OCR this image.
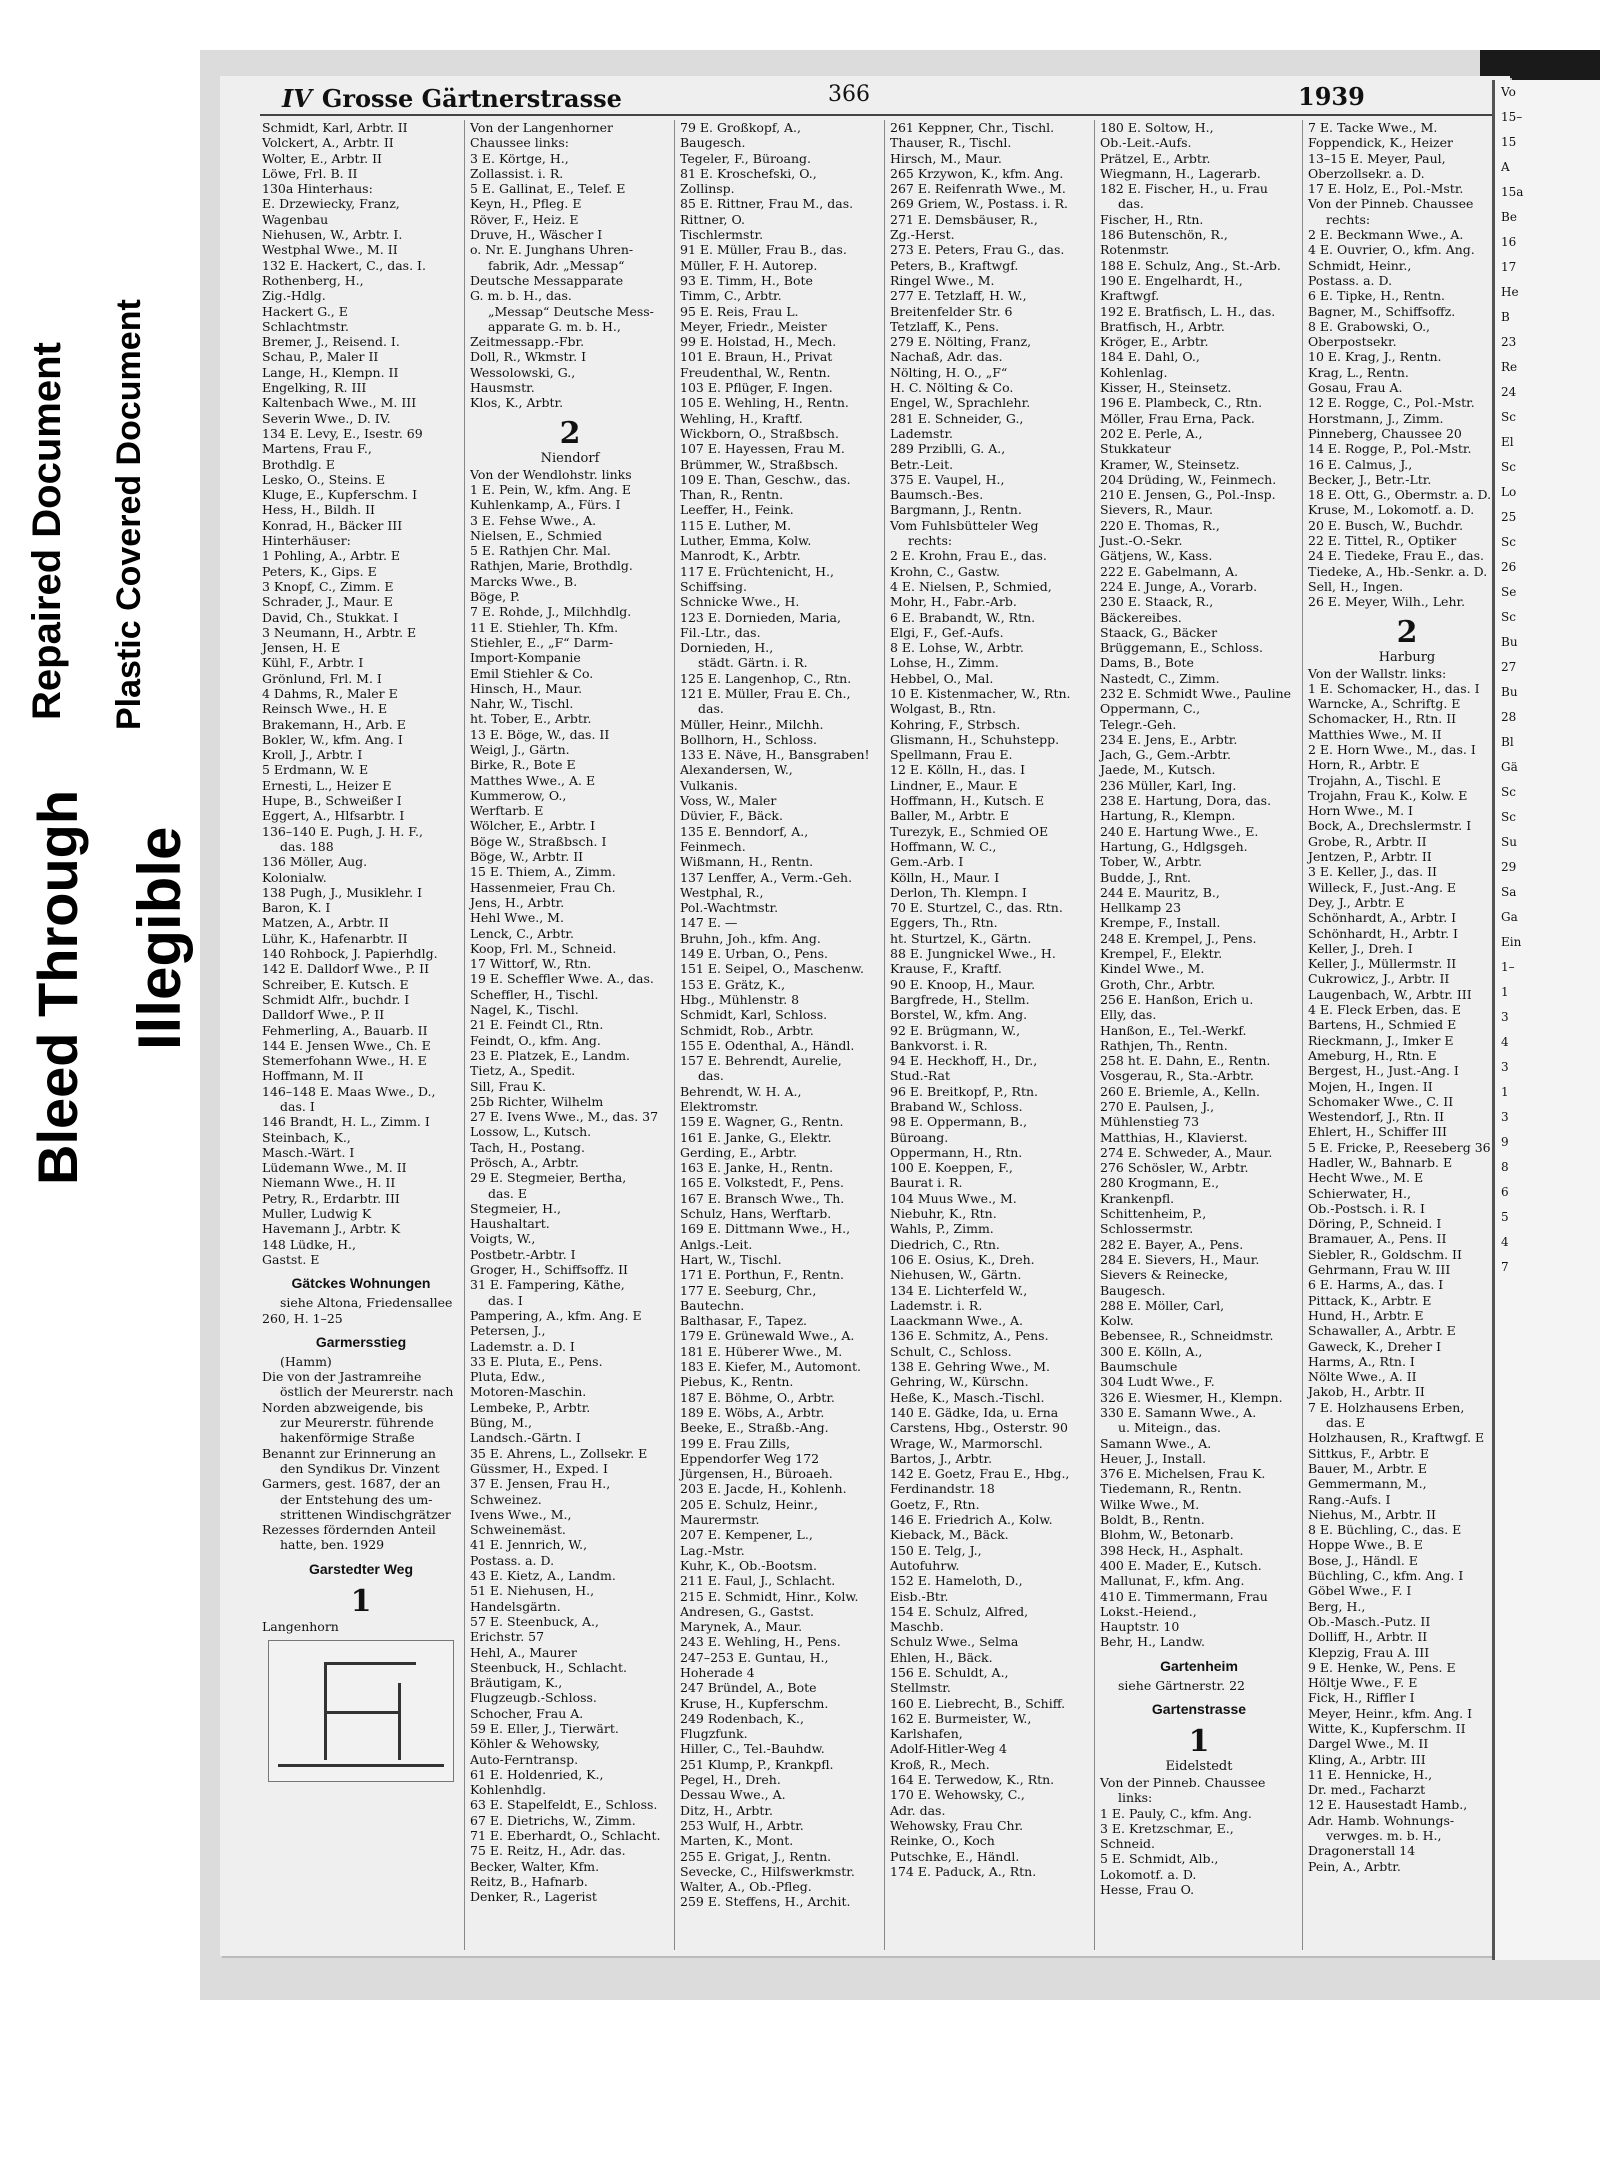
Repaired Document
Bleed Through
Plastic Covered Document
Illegible
IV Grosse Gärtnerstrasse	366	1939
Schmidt, Karl, Arbtr. II
Volckert, A., Arbtr. II
Wolter, E., Arbtr. II
Löwe, Frl. B. II
130a Hinterhaus:
E. Drzewiecky, Franz,
Wagenbau
Niehusen, W., Arbtr. I.
Westphal Wwe., M. II
132 E. Hackert, C., das. I.
Rothenberg, H.,
Zig.-Hdlg.
Hackert G., E
Schlachtmstr.
Bremer, J., Reisend. I.
Schau, P., Maler II
Lange, H., Klempn. II
Engelking, R. III
Kaltenbach Wwe., M. III
Severin Wwe., D. IV.
134 E. Levy, E., Isestr. 69
Martens, Frau F.,
Brothdlg. E
Lesko, O., Steins. E
Kluge, E., Kupferschm. I
Hess, H., Bildh. II
Konrad, H., Bäcker III
Hinterhäuser:
1 Pohling, A., Arbtr. E
Peters, K., Gips. E
3 Knopf, C., Zimm. E
Schrader, J., Maur. E
David, Ch., Stukkat. I
3 Neumann, H., Arbtr. E
Jensen, H. E
Kühl, F., Arbtr. I
Grönlund, Frl. M. I
4 Dahms, R., Maler E
Reinsch Wwe., H. E
Brakemann, H., Arb. E
Bokler, W., kfm. Ang. I
Kroll, J., Arbtr. I
5 Erdmann, W. E
Ernesti, L., Heizer E
Hupe, B., Schweißer I
Eggert, A., Hlfsarbtr. I
136–140 E. Pugh, J. H. F.,
das. 188
136 Möller, Aug.
Kolonialw.
138 Pugh, J., Musiklehr. I
Baron, K. I
Matzen, A., Arbtr. II
Lühr, K., Hafenarbtr. II
140 Rohbock, J. Papierhdlg.
142 E. Dalldorf Wwe., P. II
Schreiber, E. Kutsch. E
Schmidt Alfr., buchdr. I
Dalldorf Wwe., P. II
Fehmerling, A., Bauarb. II
144 E. Jensen Wwe., Ch. E
Stemerfohann Wwe., H. E
Hoffmann, M. II
146–148 E. Maas Wwe., D.,
das. I
146 Brandt, H. L., Zimm. I
Steinbach, K.,
Masch.-Wärt. I
Lüdemann Wwe., M. II
Niemann Wwe., H. II
Petry, R., Erdarbtr. III
Muller, Ludwig K
Havemann J., Arbtr. K
148 Lüdke, H.,
Gastst. E
Gätckes Wohnungen
siehe Altona, Friedensallee
260, H. 1–25
Garmersstieg
(Hamm)
Die von der Jastramreihe
östlich der Meurerstr. nach
Norden abzweigende, bis
zur Meurerstr. führende
hakenförmige Straße
Benannt zur Erinnerung an
den Syndikus Dr. Vinzent
Garmers, gest. 1687, der an
der Entstehung des um-
strittenen Windischgrätzer
Rezesses fördernden Anteil
hatte, ben. 1929
Garstedter Weg
1
Langenhorn
Von der Langenhorner
Chaussee links:
3 E. Körtge, H.,
Zollassist. i. R.
5 E. Gallinat, E., Telef. E
Keyn, H., Pfleg. E
Röver, F., Heiz. E
Druve, H., Wäscher I
o. Nr. E. Junghans Uhren-
fabrik, Adr. „Messap“
Deutsche Messapparate
G. m. b. H., das.
„Messap“ Deutsche Mess-
apparate G. m. b. H.,
Zeitmessapp.-Fbr.
Doll, R., Wkmstr. I
Wessolowski, G.,
Hausmstr.
Klos, K., Arbtr.
2
Niendorf
Von der Wendlohstr. links
1 E. Pein, W., kfm. Ang. E
Kuhlenkamp, A., Fürs. I
3 E. Fehse Wwe., A.
Nielsen, E., Schmied
5 E. Rathjen Chr. Mal.
Rathjen, Marie, Brothdlg.
Marcks Wwe., B.
Böge, P.
7 E. Rohde, J., Milchhdlg.
11 E. Stiehler, Th. Kfm.
Stiehler, E., „F“ Darm-
Import-Kompanie
Emil Stiehler & Co.
Hinsch, H., Maur.
Nahr, W., Tischl.
ht. Tober, E., Arbtr.
13 E. Böge, W., das. II
Weigl, J., Gärtn.
Birke, R., Bote E
Matthes Wwe., A. E
Kummerow, O.,
Werftarb. E
Wölcher, E., Arbtr. I
Böge W., Straßbsch. I
Böge, W., Arbtr. II
15 E. Thiem, A., Zimm.
Hassenmeier, Frau Ch.
Jens, H., Arbtr.
Hehl Wwe., M.
Lenck, C., Arbtr.
Koop, Frl. M., Schneid.
17 Wittorf, W., Rtn.
19 E. Scheffler Wwe. A., das.
Scheffler, H., Tischl.
Nagel, K., Tischl.
21 E. Feindt Cl., Rtn.
Feindt, O., kfm. Ang.
23 E. Platzek, E., Landm.
Tietz, A., Spedit.
Sill, Frau K.
25b Richter, Wilhelm
27 E. Ivens Wwe., M., das. 37
Lossow, L., Kutsch.
Tach, H., Postang.
Prösch, A., Arbtr.
29 E. Stegmeier, Bertha,
das. E
Stegmeier, H.,
Haushaltart.
Voigts, W.,
Postbetr.-Arbtr. I
Groger, H., Schiffsoffz. II
31 E. Fampering, Käthe,
das. I
Pampering, A., kfm. Ang. E
Petersen, J.,
Lademstr. a. D. I
33 E. Pluta, E., Pens.
Pluta, Edw.,
Motoren-Maschin.
Lembeke, P., Arbtr.
Büng, M.,
Landsch.-Gärtn. I
35 E. Ahrens, L., Zollsekr. E
Güssmer, H., Exped. I
37 E. Jensen, Frau H.,
Schweinez.
Ivens Wwe., M.,
Schweinemäst.
41 E. Jennrich, W.,
Postass. a. D.
43 E. Kietz, A., Landm.
51 E. Niehusen, H.,
Handelsgärtn.
57 E. Steenbuck, A.,
Erichstr. 57
Hehl, A., Maurer
Steenbuck, H., Schlacht.
Bräutigam, K.,
Flugzeugb.-Schloss.
Schocher, Frau A.
59 E. Eller, J., Tierwärt.
Köhler & Wehowsky,
Auto-Ferntransp.
61 E. Holdenried, K.,
Kohlenhdlg.
63 E. Stapelfeldt, E., Schloss.
67 E. Dietrichs, W., Zimm.
71 E. Eberhardt, O., Schlacht.
75 E. Reitz, H., Adr. das.
Becker, Walter, Kfm.
Reitz, B., Hafnarb.
Denker, R., Lagerist
79 E. Großkopf, A.,
Baugesch.
Tegeler, F., Büroang.
81 E. Kroschefski, O.,
Zollinsp.
85 E. Rittner, Frau M., das.
Rittner, O.
Tischlermstr.
91 E. Müller, Frau B., das.
Müller, F. H. Autorep.
93 E. Timm, H., Bote
Timm, C., Arbtr.
95 E. Reis, Frau L.
Meyer, Friedr., Meister
99 E. Holstad, H., Mech.
101 E. Braun, H., Privat
Freudenthal, W., Rentn.
103 E. Pflüger, F. Ingen.
105 E. Wehling, H., Rentn.
Wehling, H., Kraftf.
Wickborn, O., Straßbsch.
107 E. Hayessen, Frau M.
Brümmer, W., Straßbsch.
109 E. Than, Geschw., das.
Than, R., Rentn.
Leeffer, H., Feink.
115 E. Luther, M.
Luther, Emma, Kolw.
Manrodt, K., Arbtr.
117 E. Früchtenicht, H.,
Schiffsing.
Schnicke Wwe., H.
123 E. Dornieden, Maria,
Fil.-Ltr., das.
Dornieden, H.,
städt. Gärtn. i. R.
125 E. Langenhop, C., Rtn.
121 E. Müller, Frau E. Ch.,
das.
Müller, Heinr., Milchh.
Bollhorn, H., Schloss.
133 E. Näve, H., Bansgraben!
Alexandersen, W.,
Vulkanis.
Voss, W., Maler
Düvier, F., Bäck.
135 E. Benndorf, A.,
Feinmech.
Wißmann, H., Rentn.
137 Lenffer, A., Verm.-Geh.
Westphal, R.,
Pol.-Wachtmstr.
147 E. —
Bruhn, Joh., kfm. Ang.
149 E. Urban, O., Pens.
151 E. Seipel, O., Maschenw.
153 E. Grätz, K.,
Hbg., Mühlenstr. 8
Schmidt, Karl, Schloss.
Schmidt, Rob., Arbtr.
155 E. Odenthal, A., Händl.
157 E. Behrendt, Aurelie,
das.
Behrendt, W. H. A.,
Elektromstr.
159 E. Wagner, G., Rentn.
161 E. Janke, G., Elektr.
Gerding, E., Arbtr.
163 E. Janke, H., Rentn.
165 E. Volkstedt, F., Pens.
167 E. Bransch Wwe., Th.
Schulz, Hans, Werftarb.
169 E. Dittmann Wwe., H.,
Anlgs.-Leit.
Hart, W., Tischl.
171 E. Porthun, F., Rentn.
177 E. Seeburg, Chr.,
Bautechn.
Balthasar, F., Tapez.
179 E. Grünewald Wwe., A.
181 E. Hüberer Wwe., M.
183 E. Kiefer, M., Automont.
Piebus, K., Rentn.
187 E. Böhme, O., Arbtr.
189 E. Wöbs, A., Arbtr.
Beeke, E., Straßb.-Ang.
199 E. Frau Zills,
Eppendorfer Weg 172
Jürgensen, H., Büroaeh.
203 E. Jacde, H., Kohlenh.
205 E. Schulz, Heinr.,
Maurermstr.
207 E. Kempener, L.,
Lag.-Mstr.
Kuhr, K., Ob.-Bootsm.
211 E. Faul, J., Schlacht.
215 E. Schmidt, Hinr., Kolw.
Andresen, G., Gastst.
Marynek, A., Maur.
243 E. Wehling, H., Pens.
247–253 E. Guntau, H.,
Hoherade 4
247 Bründel, A., Bote
Kruse, H., Kupferschm.
249 Rodenbach, K.,
Flugzfunk.
Hiller, C., Tel.-Bauhdw.
251 Klump, P., Krankpfl.
Pegel, H., Dreh.
Dessau Wwe., A.
Ditz, H., Arbtr.
253 Wulf, H., Arbtr.
Marten, K., Mont.
255 E. Grigat, J., Rentn.
Sevecke, C., Hilfswerkmstr.
Walter, A., Ob.-Pfleg.
259 E. Steffens, H., Archit.
261 Keppner, Chr., Tischl.
Thauser, R., Tischl.
Hirsch, M., Maur.
265 Krzywon, K., kfm. Ang.
267 E. Reifenrath Wwe., M.
269 Griem, W., Postass. i. R.
271 E. Demsbäuser, R.,
Zg.-Herst.
273 E. Peters, Frau G., das.
Peters, B., Kraftwgf.
Ringel Wwe., M.
277 E. Tetzlaff, H. W.,
Breitenfelder Str. 6
Tetzlaff, K., Pens.
279 E. Nölting, Franz,
Nachaß, Adr. das.
Nölting, H. O., „F“
H. C. Nölting & Co.
Engel, W., Sprachlehr.
281 E. Schneider, G.,
Lademstr.
289 Prziblli, G. A.,
Betr.-Leit.
375 E. Vaupel, H.,
Baumsch.-Bes.
Bargmann, J., Rentn.
Vom Fuhlsbütteler Weg
rechts:
2 E. Krohn, Frau E., das.
Krohn, C., Gastw.
4 E. Nielsen, P., Schmied,
Mohr, H., Fabr.-Arb.
6 E. Brabandt, W., Rtn.
Elgi, F., Gef.-Aufs.
8 E. Lohse, W., Arbtr.
Lohse, H., Zimm.
Hebbel, O., Mal.
10 E. Kistenmacher, W., Rtn.
Wolgast, B., Rtn.
Kohring, F., Strbsch.
Glismann, H., Schuhstepp.
Spellmann, Frau E.
12 E. Kölln, H., das. I
Lindner, E., Maur. E
Hoffmann, H., Kutsch. E
Baller, M., Arbtr. E
Turezyk, E., Schmied OE
Hoffmann, W. C.,
Gem.-Arb. I
Kölln, H., Maur. I
Derlon, Th. Klempn. I
70 E. Sturtzel, C., das. Rtn.
Eggers, Th., Rtn.
ht. Sturtzel, K., Gärtn.
88 E. Jungnickel Wwe., H.
Krause, F., Kraftf.
90 E. Knoop, H., Maur.
Bargfrede, H., Stellm.
Borstel, W., kfm. Ang.
92 E. Brügmann, W.,
Bankvorst. i. R.
94 E. Heckhoff, H., Dr.,
Stud.-Rat
96 E. Breitkopf, P., Rtn.
Braband W., Schloss.
98 E. Oppermann, B.,
Büroang.
Oppermann, H., Rtn.
100 E. Koeppen, F.,
Baurat i. R.
104 Muus Wwe., M.
Niebuhr, K., Rtn.
Wahls, P., Zimm.
Diedrich, C., Rtn.
106 E. Osius, K., Dreh.
Niehusen, W., Gärtn.
134 E. Lichterfeld W.,
Lademstr. i. R.
Laackmann Wwe., A.
136 E. Schmitz, A., Pens.
Schult, C., Schloss.
138 E. Gehring Wwe., M.
Gehring, W., Kürschn.
Heße, K., Masch.-Tischl.
140 E. Gädke, Ida, u. Erna
Carstens, Hbg., Osterstr. 90
Wrage, W., Marmorschl.
Bartos, J., Arbtr.
142 E. Goetz, Frau E., Hbg.,
Ferdinandstr. 18
Goetz, F., Rtn.
146 E. Friedrich A., Kolw.
Kieback, M., Bäck.
150 E. Telg, J.,
Autofuhrw.
152 E. Hameloth, D.,
Eisb.-Btr.
154 E. Schulz, Alfred,
Maschb.
Schulz Wwe., Selma
Ehlen, H., Bäck.
156 E. Schuldt, A.,
Stellmstr.
160 E. Liebrecht, B., Schiff.
162 E. Burmeister, W.,
Karlshafen,
Adolf-Hitler-Weg 4
Kroß, R., Mech.
164 E. Terwedow, K., Rtn.
170 E. Wehowsky, C.,
Adr. das.
Wehowsky, Frau Chr.
Reinke, O., Koch
Putschke, E., Händl.
174 E. Paduck, A., Rtn.
180 E. Soltow, H.,
Ob.-Leit.-Aufs.
Prätzel, E., Arbtr.
Wiegmann, H., Lagerarb.
182 E. Fischer, H., u. Frau
das.
Fischer, H., Rtn.
186 Butenschön, R.,
Rotenmstr.
188 E. Schulz, Ang., St.-Arb.
190 E. Engelhardt, H.,
Kraftwgf.
192 E. Bratfisch, L. H., das.
Bratfisch, H., Arbtr.
Kröger, E., Arbtr.
184 E. Dahl, O.,
Kohlenlag.
Kisser, H., Steinsetz.
196 E. Plambeck, C., Rtn.
Möller, Frau Erna, Pack.
202 E. Perle, A.,
Stukkateur
Kramer, W., Steinsetz.
204 Drüding, W., Feinmech.
210 E. Jensen, G., Pol.-Insp.
Sievers, R., Maur.
220 E. Thomas, R.,
Just.-O.-Sekr.
Gätjens, W., Kass.
222 E. Gabelmann, A.
224 E. Junge, A., Vorarb.
230 E. Staack, R.,
Bäckereibes.
Staack, G., Bäcker
Brüggemann, E., Schloss.
Dams, B., Bote
Nastedt, C., Zimm.
232 E. Schmidt Wwe., Pauline
Oppermann, C.,
Telegr.-Geh.
234 E. Jens, E., Arbtr.
Jach, G., Gem.-Arbtr.
Jaede, M., Kutsch.
236 Müller, Karl, Ing.
238 E. Hartung, Dora, das.
Hartung, R., Klempn.
240 E. Hartung Wwe., E.
Hartung, G., Hdlgsgeh.
Tober, W., Arbtr.
Budde, J., Rnt.
244 E. Mauritz, B.,
Hellkamp 23
Krempe, F., Install.
248 E. Krempel, J., Pens.
Krempel, F., Elektr.
Kindel Wwe., M.
Groth, Chr., Arbtr.
256 E. Hanßon, Erich u.
Elly, das.
Hanßon, E., Tel.-Werkf.
Rathjen, Th., Rentn.
258 ht. E. Dahn, E., Rentn.
Vosgerau, R., Sta.-Arbtr.
260 E. Briemle, A., Kelln.
270 E. Paulsen, J.,
Mühlenstieg 73
Matthias, H., Klavierst.
274 E. Schweder, A., Maur.
276 Schösler, W., Arbtr.
280 Krogmann, E.,
Krankenpfl.
Schittenheim, P.,
Schlossermstr.
282 E. Bayer, A., Pens.
284 E. Sievers, H., Maur.
Sievers & Reinecke,
Baugesch.
288 E. Möller, Carl,
Kolw.
Bebensee, R., Schneidmstr.
300 E. Kölln, A.,
Baumschule
304 Ludt Wwe., F.
326 E. Wiesmer, H., Klempn.
330 E. Samann Wwe., A.
u. Miteign., das.
Samann Wwe., A.
Heuer, J., Install.
376 E. Michelsen, Frau K.
Tiedemann, R., Rentn.
Wilke Wwe., M.
Boldt, B., Rentn.
Blohm, W., Betonarb.
398 Heck, H., Asphalt.
400 E. Mader, E., Kutsch.
Mallunat, F., kfm. Ang.
410 E. Timmermann, Frau
Lokst.-Heiend.,
Hauptstr. 10
Behr, H., Landw.
Gartenheim
siehe Gärtnerstr. 22
Gartenstrasse
1
Eidelstedt
Von der Pinneb. Chaussee
links:
1 E. Pauly, C., kfm. Ang.
3 E. Kretzschmar, E.,
Schneid.
5 E. Schmidt, Alb.,
Lokomotf. a. D.
Hesse, Frau O.
7 E. Tacke Wwe., M.
Foppendick, K., Heizer
13–15 E. Meyer, Paul,
Oberzollsekr. a. D.
17 E. Holz, E., Pol.-Mstr.
Von der Pinneb. Chaussee
rechts:
2 E. Beckmann Wwe., A.
4 E. Ouvrier, O., kfm. Ang.
Schmidt, Heinr.,
Postass. a. D.
6 E. Tipke, H., Rentn.
Bagner, M., Schiffsoffz.
8 E. Grabowski, O.,
Oberpostsekr.
10 E. Krag, J., Rentn.
Krag, L., Rentn.
Gosau, Frau A.
12 E. Rogge, C., Pol.-Mstr.
Horstmann, J., Zimm.
Pinneberg, Chaussee 20
14 E. Rogge, P., Pol.-Mstr.
16 E. Calmus, J.,
Becker, J., Betr.-Ltr.
18 E. Ott, G., Obermstr. a. D.
Kruse, M., Lokomotf. a. D.
20 E. Busch, W., Buchdr.
22 E. Tittel, R., Optiker
24 E. Tiedeke, Frau E., das.
Tiedeke, A., Hb.-Senkr. a. D.
Sell, H., Ingen.
26 E. Meyer, Wilh., Lehr.
2
Harburg
Von der Wallstr. links:
1 E. Schomacker, H., das. I
Warncke, A., Schriftg. E
Schomacker, H., Rtn. II
Matthies Wwe., M. II
2 E. Horn Wwe., M., das. I
Horn, R., Arbtr. E
Trojahn, A., Tischl. E
Trojahn, Frau K., Kolw. E
Horn Wwe., M. I
Bock, A., Drechslermstr. I
Grobe, R., Arbtr. II
Jentzen, P., Arbtr. II
3 E. Keller, J., das. II
Willeck, F., Just.-Ang. E
Dey, J., Arbtr. E
Schönhardt, A., Arbtr. I
Schönhardt, H., Arbtr. I
Keller, J., Dreh. I
Keller, J., Müllermstr. II
Cukrowicz, J., Arbtr. II
Laugenbach, W., Arbtr. III
4 E. Fleck Erben, das. E
Bartens, H., Schmied E
Rieckmann, J., Imker E
Ameburg, H., Rtn. E
Bergest, H., Just.-Ang. I
Mojen, H., Ingen. II
Schomaker Wwe., C. II
Westendorf, J., Rtn. II
Ehlert, H., Schiffer III
5 E. Fricke, P., Reeseberg 36
Hadler, W., Bahnarb. E
Hecht Wwe., M. E
Schierwater, H.,
Ob.-Postsch. i. R. I
Döring, P., Schneid. I
Bramauer, A., Pens. II
Siebler, R., Goldschm. II
Gehrmann, Frau W. III
6 E. Harms, A., das. I
Pittack, K., Arbtr. E
Hund, H., Arbtr. E
Schawaller, A., Arbtr. E
Gaweck, K., Dreher I
Harms, A., Rtn. I
Nölte Wwe., A. II
Jakob, H., Arbtr. II
7 E. Holzhausens Erben,
das. E
Holzhausen, R., Kraftwgf. E
Sittkus, F., Arbtr. E
Bauer, M., Arbtr. E
Gemmermann, M.,
Rang.-Aufs. I
Niehus, M., Arbtr. II
8 E. Büchling, C., das. E
Hoppe Wwe., B. E
Bose, J., Händl. E
Büchling, C., kfm. Ang. I
Göbel Wwe., F. I
Berg, H.,
Ob.-Masch.-Putz. II
Dolliff, H., Arbtr. II
Klepzig, Frau A. III
9 E. Henke, W., Pens. E
Höltje Wwe., F. E
Fick, H., Riffler I
Meyer, Heinr., kfm. Ang. I
Witte, K., Kupferschm. II
Dargel Wwe., M. II
Kling, A., Arbtr. III
11 E. Hennicke, H.,
Dr. med., Facharzt
12 E. Hausestadt Hamb.,
Adr. Hamb. Wohnungs-
verwges. m. b. H.,
Dragonerstall 14
Pein, A., Arbtr.
Vo
15–
15
A
15a
Be
16
17
He
B
23
Re
24
Sc
El
Sc
Lo
25
Sc
26
Se
Sc
Bu
27
Bu
28
Bl
Gä
Sc
Sc
Su
29
Sa
Ga
Ein
1–
1
3
4
3
1
3
9
8
6
5
4
7
